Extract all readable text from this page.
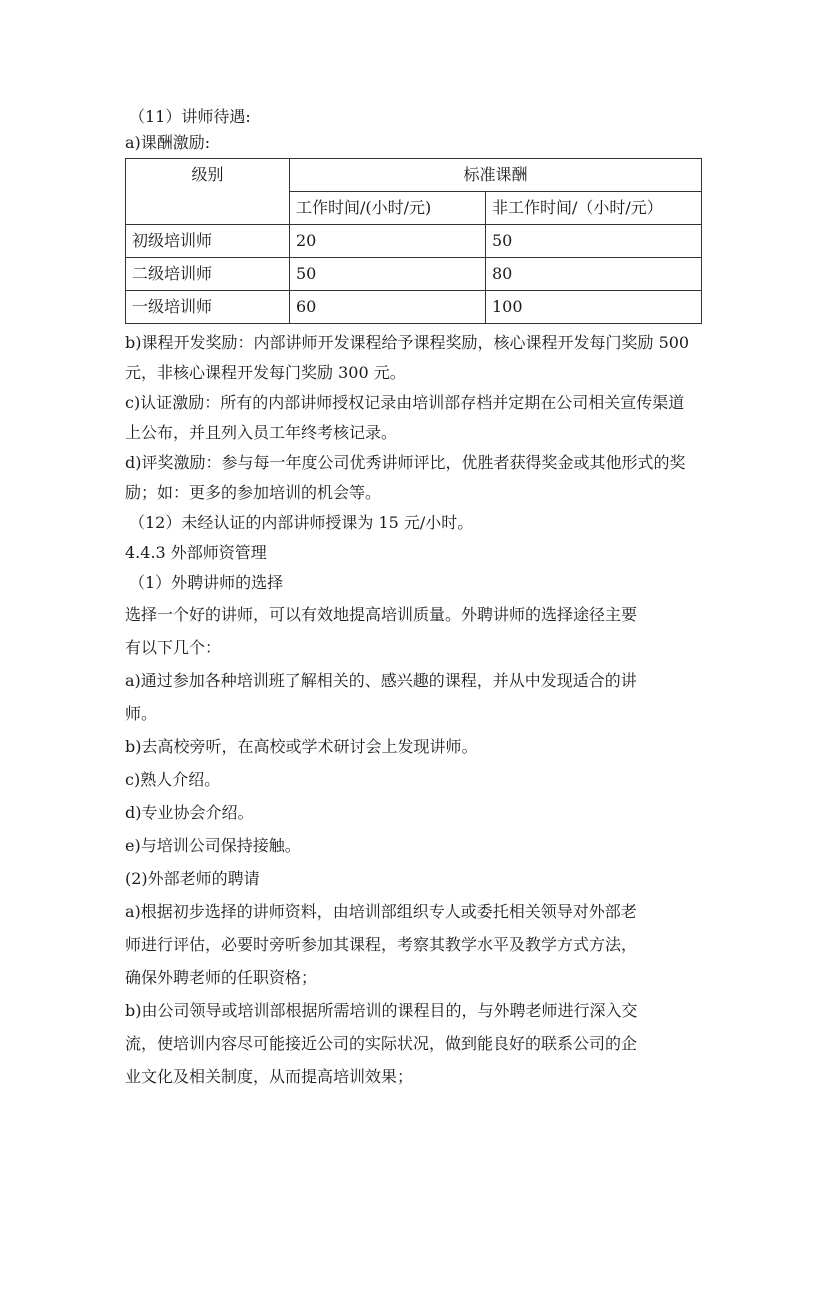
（11）讲师待遇:
a)课酬激励:
级别	标准课酬	
	工作时间/(小时/元)	非工作时间/（小时/元）
初级培训师	20	50
二级培训师	50	80
一级培训师	60	100
b)课程开发奖励：内部讲师开发课程给予课程奖励，核心课程开发每门奖励 500
元，非核心课程开发每门奖励 300 元。
c)认证激励：所有的内部讲师授权记录由培训部存档并定期在公司相关宣传渠道
上公布，并且列入员工年终考核记录。
d)评奖激励：参与每一年度公司优秀讲师评比，优胜者获得奖金或其他形式的奖
励；如：更多的参加培训的机会等。
（12）未经认证的内部讲师授课为 15 元/小时。
4.4.3 外部师资管理
（1）外聘讲师的选择
选择一个好的讲师，可以有效地提高培训质量。外聘讲师的选择途径主要
有以下几个：
a)通过参加各种培训班了解相关的、感兴趣的课程，并从中发现适合的讲
师。
b)去高校旁听，在高校或学术研讨会上发现讲师。
c)熟人介绍。
d)专业协会介绍。
e)与培训公司保持接触。
(2)外部老师的聘请
a)根据初步选择的讲师资料，由培训部组织专人或委托相关领导对外部老
师进行评估，必要时旁听参加其课程，考察其教学水平及教学方式方法，
确保外聘老师的任职资格；
b)由公司领导或培训部根据所需培训的课程目的，与外聘老师进行深入交
流，使培训内容尽可能接近公司的实际状况，做到能良好的联系公司的企
业文化及相关制度，从而提高培训效果；
